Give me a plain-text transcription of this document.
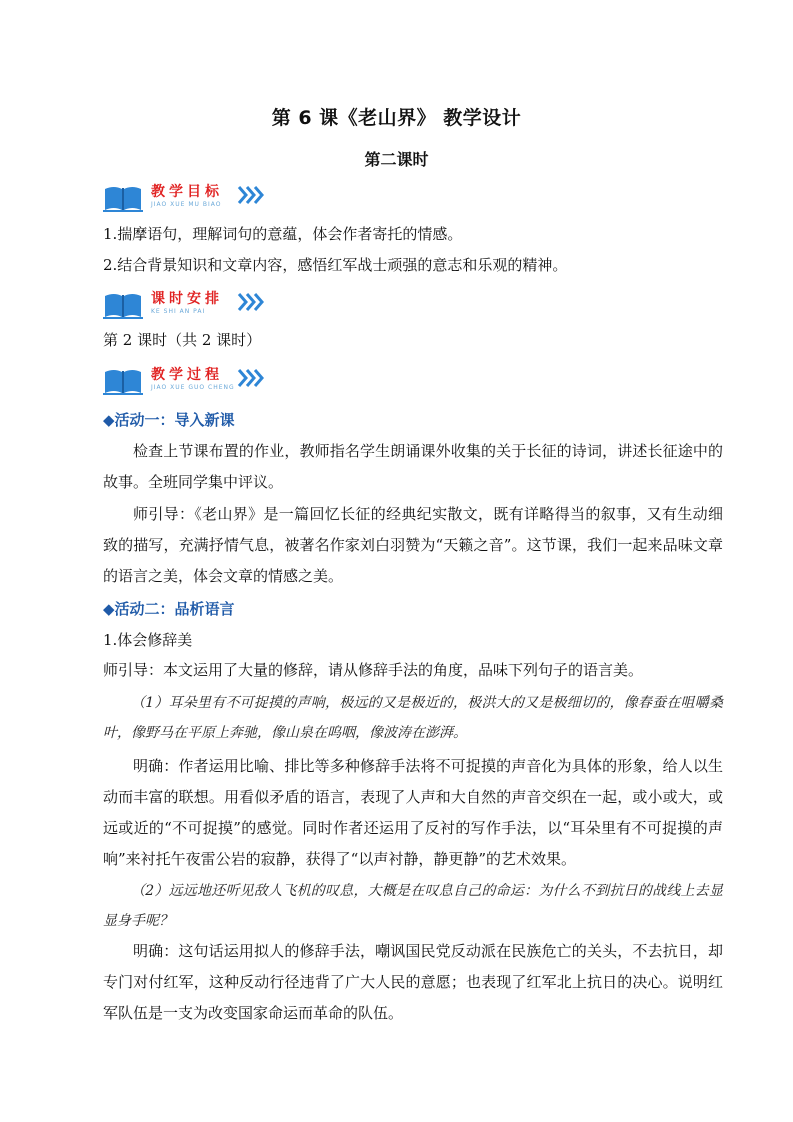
第 6 课《老山界》 教学设计
第二课时
教学目标
JIAO XUE MU BIAO
1.揣摩语句，理解词句的意蕴，体会作者寄托的情感。
2.结合背景知识和文章内容，感悟红军战士顽强的意志和乐观的精神。
课时安排
KE SHI AN PAI
第 2 课时（共 2 课时）
教学过程
JIAO XUE GUO CHENG
◆活动一：导入新课
检查上节课布置的作业，教师指名学生朗诵课外收集的关于长征的诗词，讲述长征途中的故事。全班同学集中评议。
师引导：《老山界》是一篇回忆长征的经典纪实散文，既有详略得当的叙事，又有生动细致的描写，充满抒情气息，被著名作家刘白羽赞为“天籁之音”。这节课，我们一起来品味文章的语言之美，体会文章的情感之美。
◆活动二：品析语言
1.体会修辞美
师引导：本文运用了大量的修辞，请从修辞手法的角度，品味下列句子的语言美。
（1）耳朵里有不可捉摸的声响，极远的又是极近的，极洪大的又是极细切的，像春蚕在咀嚼桑叶，像野马在平原上奔驰，像山泉在呜咽，像波涛在澎湃。
明确：作者运用比喻、排比等多种修辞手法将不可捉摸的声音化为具体的形象，给人以生动而丰富的联想。用看似矛盾的语言，表现了人声和大自然的声音交织在一起，或小或大，或远或近的“不可捉摸”的感觉。同时作者还运用了反衬的写作手法，以“耳朵里有不可捉摸的声响”来衬托午夜雷公岩的寂静，获得了“以声衬静，静更静”的艺术效果。
（2）远远地还听见敌人飞机的叹息，大概是在叹息自己的命运：为什么不到抗日的战线上去显显身手呢？
明确：这句话运用拟人的修辞手法，嘲讽国民党反动派在民族危亡的关头，不去抗日，却专门对付红军，这种反动行径违背了广大人民的意愿；也表现了红军北上抗日的决心。说明红军队伍是一支为改变国家命运而革命的队伍。
